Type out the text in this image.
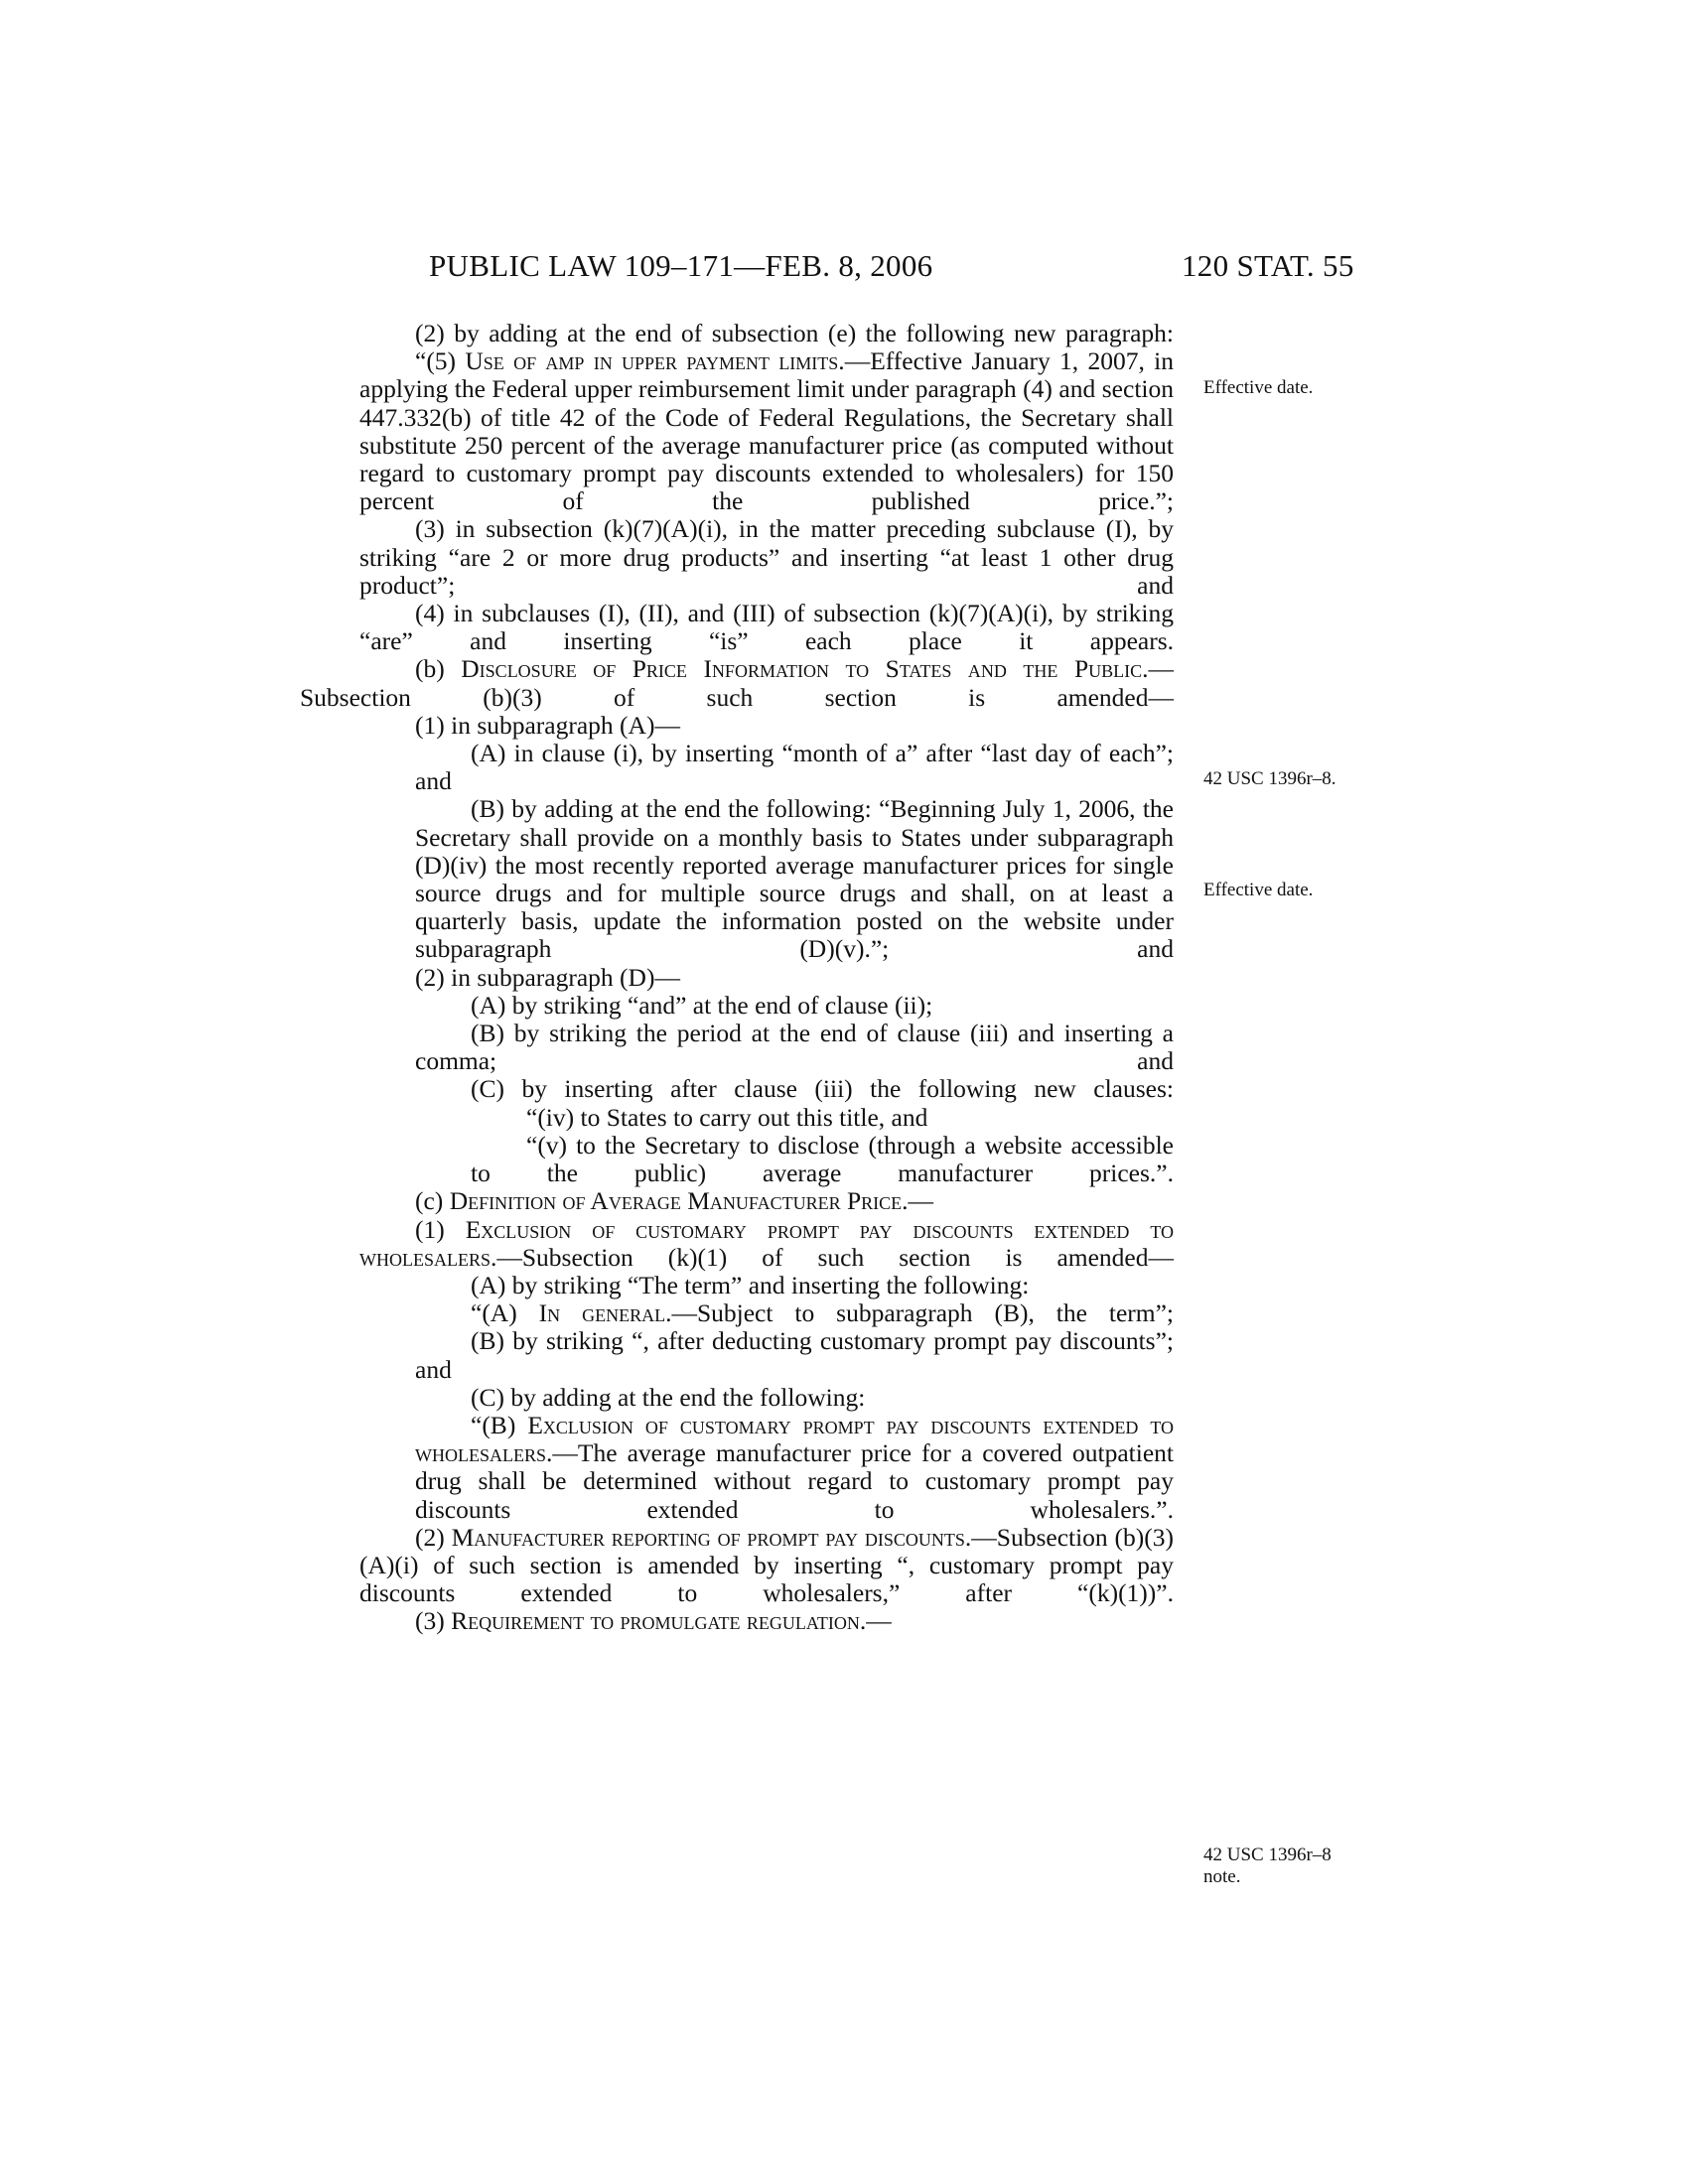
PUBLIC LAW 109–171—FEB. 8, 2006	120 STAT. 55

(2) by adding at the end of subsection (e) the following new paragraph:

“(5) Use of amp in upper payment limits.—Effective January 1, 2007, in applying the Federal upper reimbursement limit under paragraph (4) and section 447.332(b) of title 42 of the Code of Federal Regulations, the Secretary shall substitute 250 percent of the average manufacturer price (as computed without regard to customary prompt pay discounts extended to wholesalers) for 150 percent of the published price.”;

(3) in subsection (k)(7)(A)(i), in the matter preceding subclause (I), by striking “are 2 or more drug products” and inserting “at least 1 other drug product”; and

(4) in subclauses (I), (II), and (III) of subsection (k)(7)(A)(i), by striking “are” and inserting “is” each place it appears.

(b) Disclosure of Price Information to States and the Public.—Subsection (b)(3) of such section is amended—

(1) in subparagraph (A)—

(A) in clause (i), by inserting “month of a” after “last day of each”; and

(B) by adding at the end the following: “Beginning July 1, 2006, the Secretary shall provide on a monthly basis to States under subparagraph (D)(iv) the most recently reported average manufacturer prices for single source drugs and for multiple source drugs and shall, on at least a quarterly basis, update the information posted on the website under subparagraph (D)(v).”; and

(2) in subparagraph (D)—

(A) by striking “and” at the end of clause (ii);

(B) by striking the period at the end of clause (iii) and inserting a comma; and

(C) by inserting after clause (iii) the following new clauses:

“(iv) to States to carry out this title, and

“(v) to the Secretary to disclose (through a website accessible to the public) average manufacturer prices.”.

(c) Definition of Average Manufacturer Price.—

(1) Exclusion of customary prompt pay discounts extended to wholesalers.—Subsection (k)(1) of such section is amended—

(A) by striking “The term” and inserting the following:

“(A) In general.—Subject to subparagraph (B), the term”;

(B) by striking “, after deducting customary prompt pay discounts”; and

(C) by adding at the end the following:

“(B) Exclusion of customary prompt pay discounts extended to wholesalers.—The average manufacturer price for a covered outpatient drug shall be determined without regard to customary prompt pay discounts extended to wholesalers.”.

(2) Manufacturer reporting of prompt pay discounts.—Subsection (b)(3)(A)(i) of such section is amended by inserting “, customary prompt pay discounts extended to wholesalers,” after “(k)(1))”.

(3) Requirement to promulgate regulation.—

Effective date.
42 USC 1396r–8.
Effective date.
42 USC 1396r–8 note.
